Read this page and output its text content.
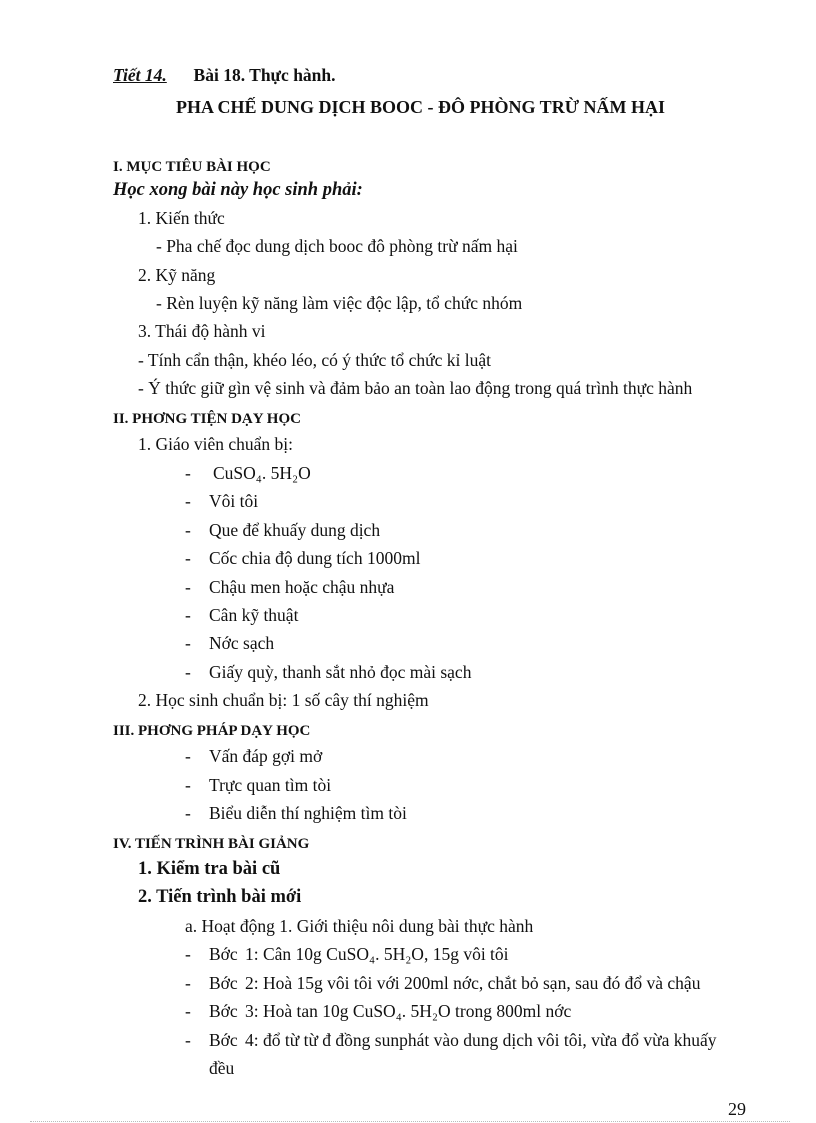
Tiết 14. Bài 18. Thực hành.
PHA CHẾ DUNG DỊCH BOOC - ĐÔ PHÒNG TRỪ NẤM HẠI
I. MỤC TIÊU BÀI HỌC
Học xong bài này học sinh phải:
1. Kiến thức
- Pha chế đọc dung dịch booc đô phòng trừ nấm hại
2. Kỹ năng
- Rèn luyện kỹ năng làm việc độc lập, tổ chức nhóm
3. Thái độ hành vi
- Tính cẩn thận, khéo léo, có ý thức tổ chức kỉ luật
- Ý thức giữ gìn vệ sinh và đảm bảo an toàn lao động trong quá trình thực hành
II. PHƠNG TIỆN DẠY HỌC
1. Giáo viên chuẩn bị:
- CuSO₄. 5H₂O
- Vôi tôi
- Que để khuấy dung dịch
- Cốc chia độ dung tích 1000ml
- Chậu men hoặc chậu nhựa
- Cân kỹ thuật
- Nớc sạch
- Giấy quỳ, thanh sắt nhỏ đọc mài sạch
2. Học sinh chuẩn bị: 1 số cây thí nghiệm
III. PHƠNG PHÁP DẠY HỌC
- Vấn đáp gợi mở
- Trực quan tìm tòi
- Biểu diễn thí nghiệm tìm tòi
IV. TIẾN TRÌNH BÀI GIẢNG
1. Kiểm tra bài cũ
2. Tiến trình bài mới
a. Hoạt động 1. Giới thiệu nôi dung bài thực hành
- Bớc 1: Cân 10g CuSO₄. 5H₂O, 15g vôi tôi
- Bớc 2: Hoà 15g vôi tôi với 200ml nớc, chắt bỏ sạn, sau đó đổ và chậu
- Bớc 3: Hoà tan 10g CuSO₄. 5H₂O trong 800ml nớc
- Bớc 4: đổ từ từ đ đồng sunphát vào dung dịch vôi tôi, vừa đổ vừa khuấy
đều
29
